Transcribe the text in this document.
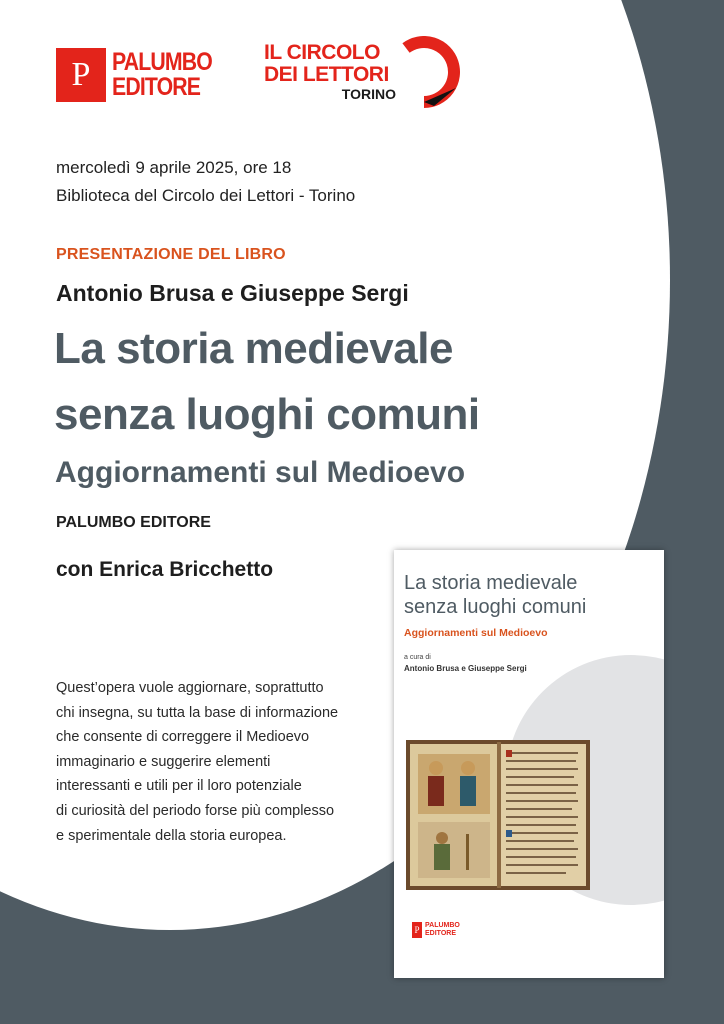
P PALUMBO
EDITORE
IL CIRCOLO
DEI LETTORI
TORINO
mercoledì 9 aprile 2025, ore 18
Biblioteca del Circolo dei Lettori - Torino
PRESENTAZIONE DEL LIBRO
Antonio Brusa e Giuseppe Sergi
La storia medievale
senza luoghi comuni
Aggiornamenti sul Medioevo
PALUMBO EDITORE
con Enrica Bricchetto
Quest’opera vuole aggiornare, soprattutto
chi insegna, su tutta la base di informazione
che consente di correggere il Medioevo
immaginario e suggerire elementi
interessanti e utili per il loro potenziale
di curiosità del periodo forse più complesso
e sperimentale della storia europea.
La storia medievale
senza luoghi comuni
Aggiornamenti sul Medioevo
a cura di
Antonio Brusa e Giuseppe Sergi
P PALUMBO
EDITORE
